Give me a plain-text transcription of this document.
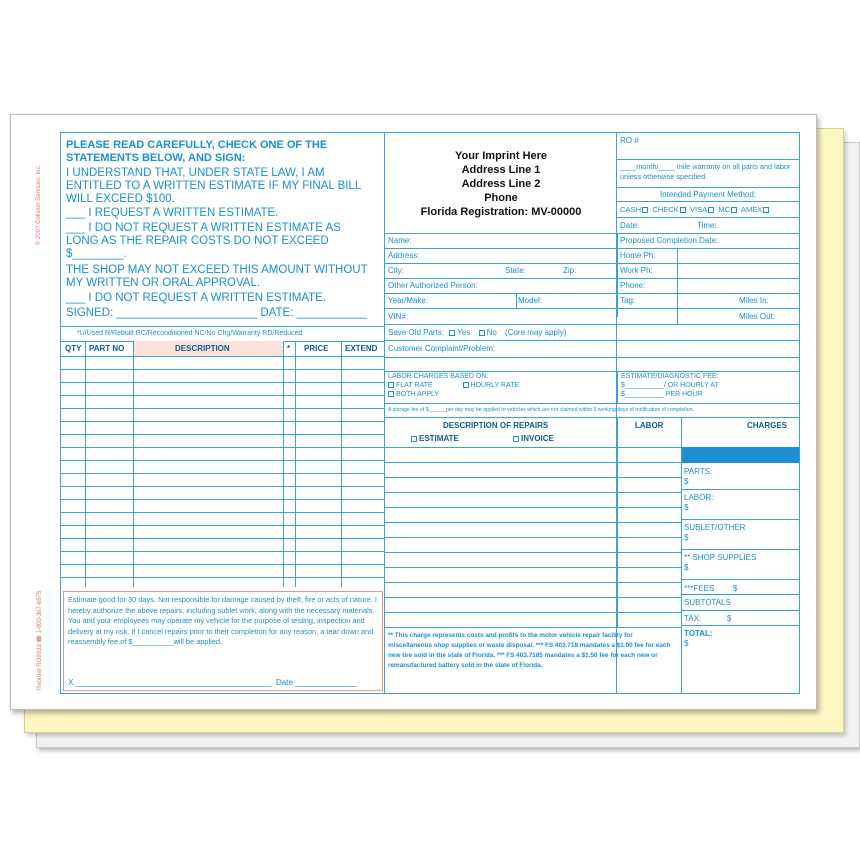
© 2007 Colision Services, Inc.
Reorder RO9933 ☎ 1-800-367-6575
PLEASE READ CAREFULLY, CHECK ONE OF THE STATEMENTS BELOW, AND SIGN:
I UNDERSTAND THAT, UNDER STATE LAW, I AM ENTITLED TO A WRITTEN ESTIMATE IF MY FINAL BILL WILL EXCEED $100.
___ I REQUEST A WRITTEN ESTIMATE.
___ I DO NOT REQUEST A WRITTEN ESTIMATE AS LONG AS THE REPAIR COSTS DO NOT EXCEED $________.
THE SHOP MAY NOT EXCEED THIS AMOUNT WITHOUT MY WRITTEN OR ORAL APPROVAL.
___ I DO NOT REQUEST A WRITTEN ESTIMATE.
SIGNED: ______________________ DATE: ___________
*U/Used R/Rebuilt RC/Reconditioned NC/No Chg/Warranty RD/Reduced
QTY PART NO	DESCRIPTION	* PRICE EXTEND
Estimate good for 30 days. Not responsible for damage caused by theft, fire or acts of nature. I hereby authorize the above repairs, including sublet work, along with the necessary materials. You and your employees may operate my vehicle for the purpose of testing, inspection and delivery at my risk. If I cancel repairs prior to their completion for any reason, a tear down and reassembly fee of $__________will be applied.
X ____________________________________________ Date ______________
Your Imprint Here
Address Line 1
Address Line 2
Phone
Florida Registration: MV-00000
Name:	Proposed Completion Date:
Address:	Home Ph:
City:	State:	Zip:	Work Ph:
Other Authorized Person:	Phone:
Year/Make:	Model:	Tag:	Miles In:
VIN#:	Miles Out:
Save Old Parts: Yes No (Core may apply)
Customer Complaint/Problem:
LABOR CHARGES BASED ON:
FLAT RATE	HOURLY RATE
BOTH APPLY
ESTIMATE/DIAGNOSTIC FEE:
$__________/ OR HOURLY AT
$__________ PER HOUR
A storage fee of $______per day may be applied to vehicles which are not claimed within 3 working days of notification of completion.
DESCRIPTION OF REPAIRS
ESTIMATE	INVOICE
LABOR	CHARGES
PARTS:
$
LABOR:
$
SUBLET/OTHER
$
** SHOP SUPPLIES
$
***FEES $
SUBTOTALS
TAX:	$
TOTAL:
$
** This charge represents costs and profits to the motor vehicle repair facility for miscellaneous shop supplies or waste disposal. *** FS 403.718 mandates a $1.00 fee for each new tire sold in the state of Florida. *** FS 403.7185 mandates a $1.50 fee for each new or remanufactured battery sold in the state of Florida.
RO #
____month/____ mile warranty on all parts and labor unless otherwise specified.
Intended Payment Method:
CASH CHECK VISA MC AMEX
Date:	Time:
